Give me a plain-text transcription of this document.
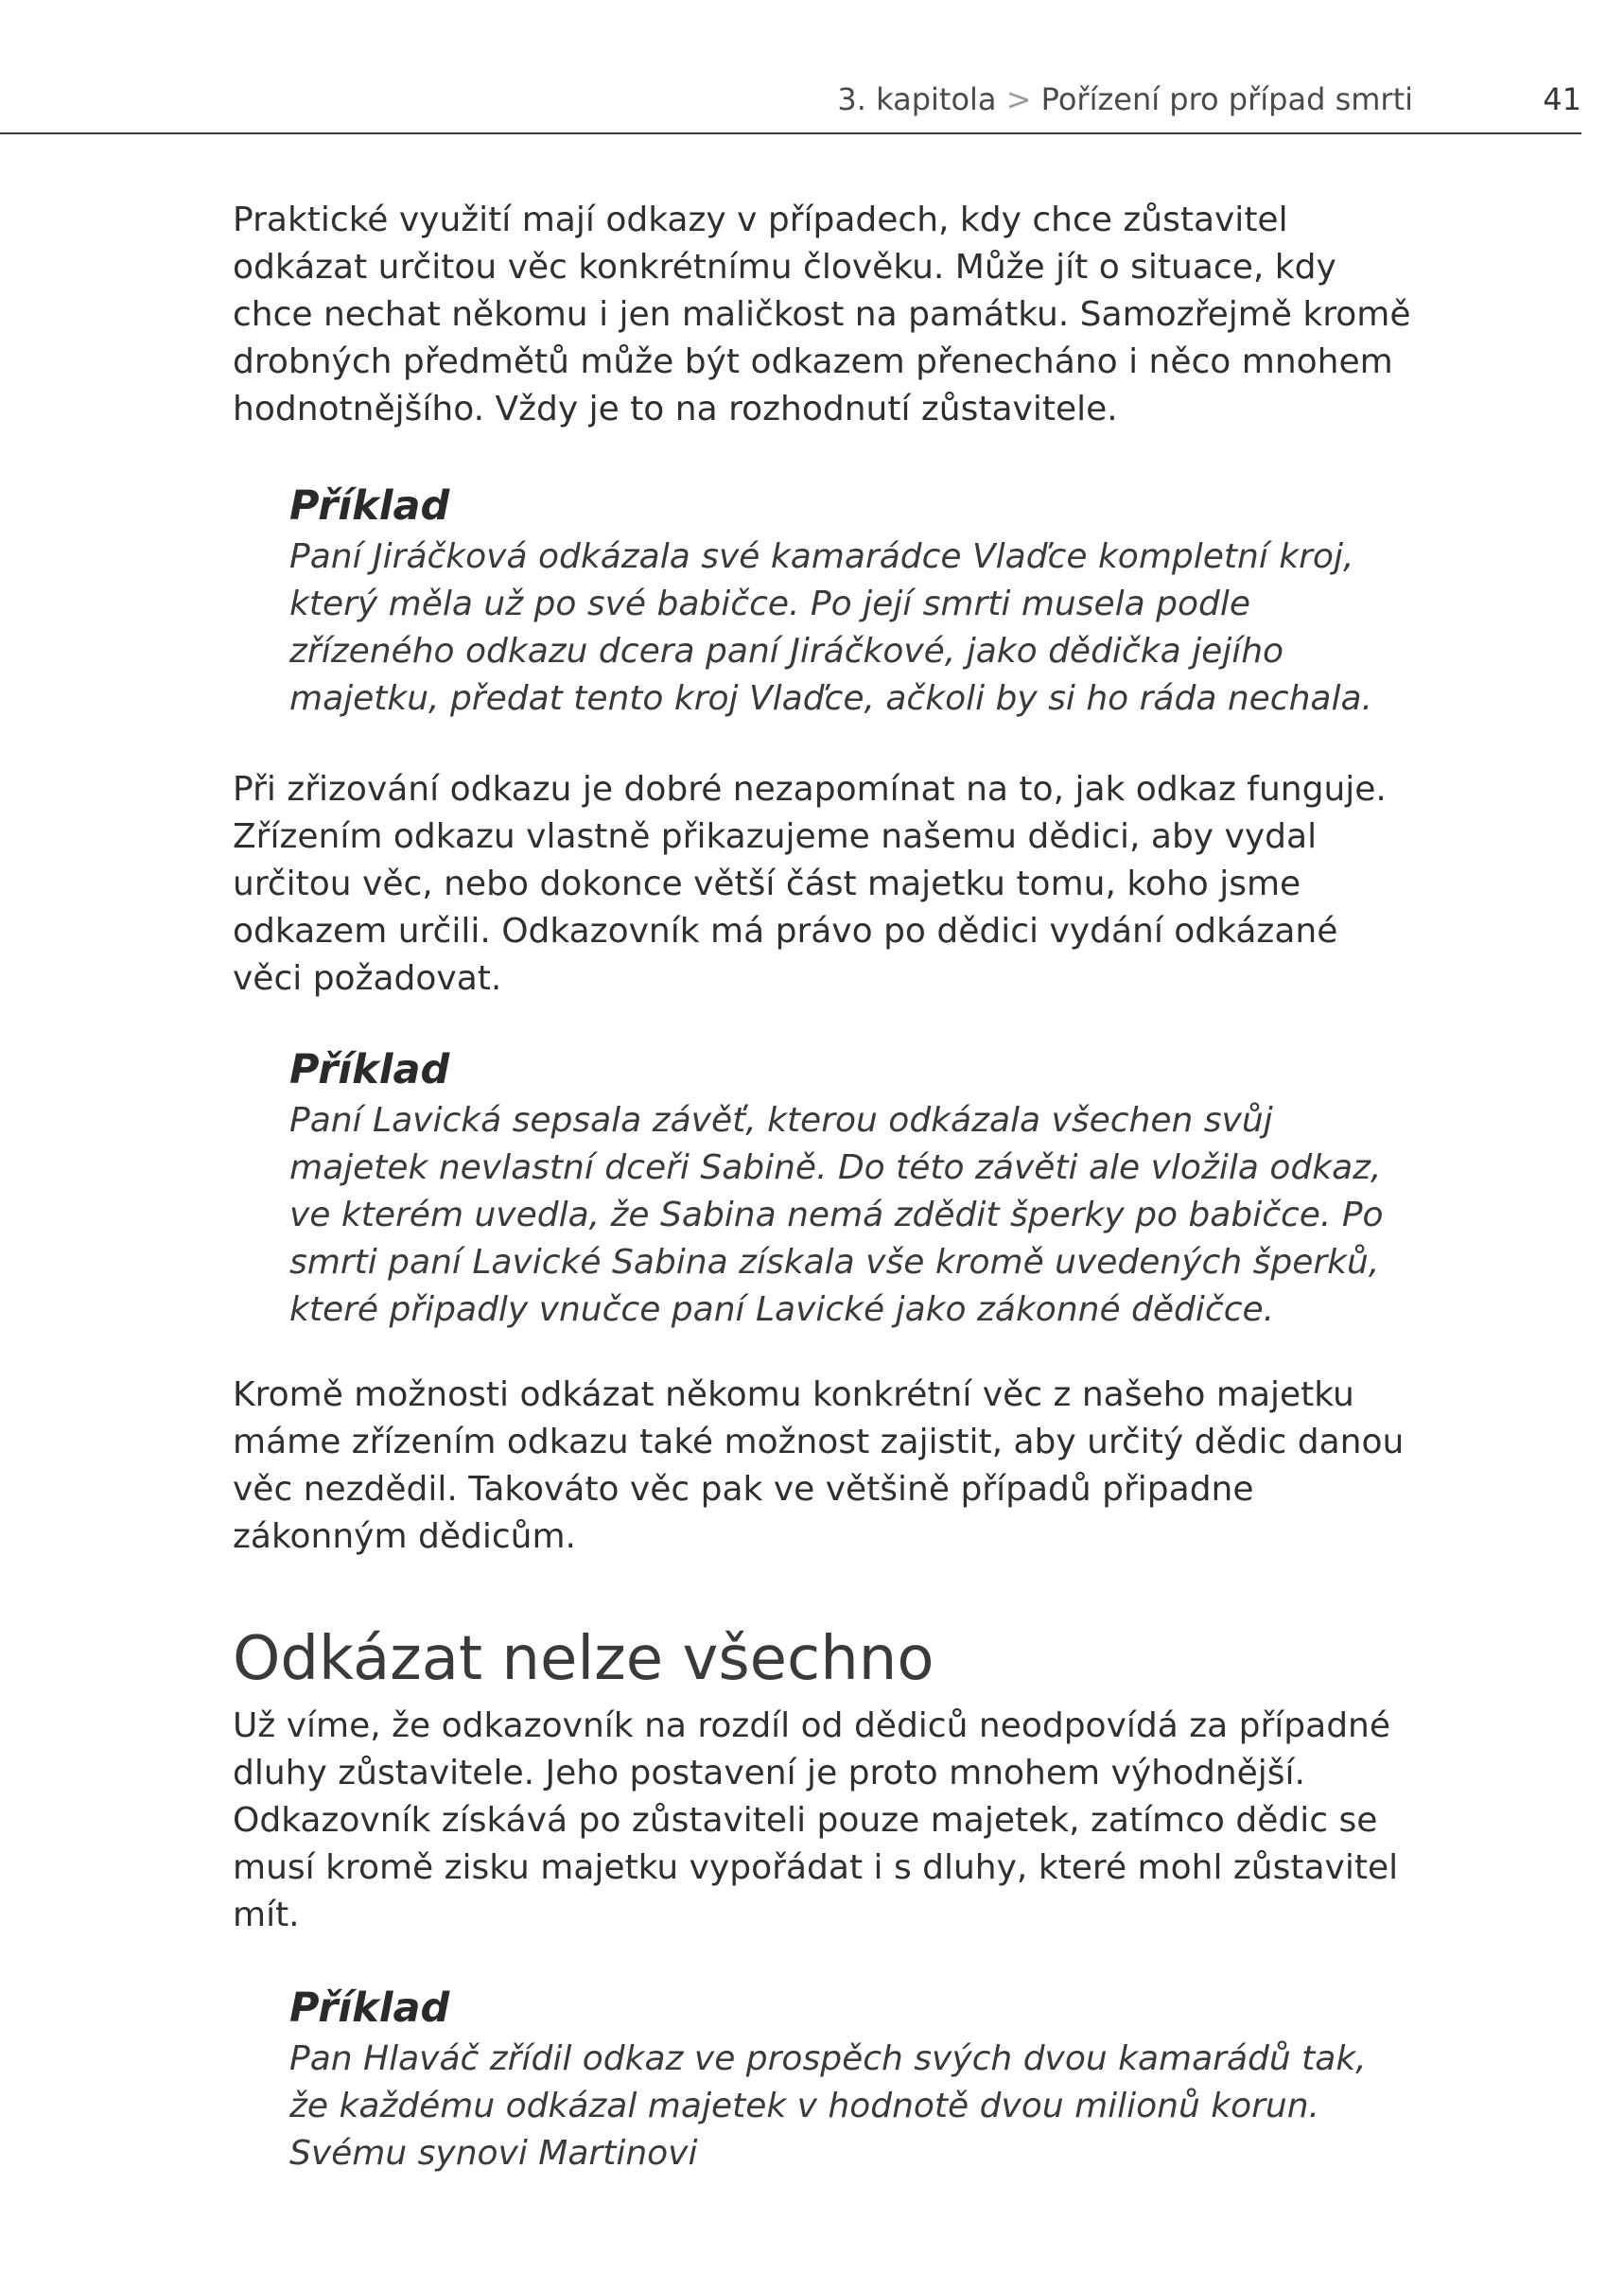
3. kapitola > Pořízení pro případ smrti	41

Praktické využití mají odkazy v případech, kdy chce zůstavitel odkázat určitou věc konkrétnímu člověku. Může jít o situace, kdy chce nechat někomu i jen maličkost na památku. Samozřejmě kromě drobných předmětů může být odkazem přenecháno i něco mnohem hodnotnějšího. Vždy je to na rozhodnutí zůstavitele.

Příklad

Paní Jiráčková odkázala své kamarádce Vlaďce kompletní kroj, který měla už po své babičce. Po její smrti musela podle zřízeného odkazu dcera paní Jiráčkové, jako dědička jejího majetku, předat tento kroj Vlaďce, ačkoli by si ho ráda nechala.

Při zřizování odkazu je dobré nezapomínat na to, jak odkaz funguje. Zřízením odkazu vlastně přikazujeme našemu dědici, aby vydal určitou věc, nebo dokonce větší část majetku tomu, koho jsme odkazem určili. Odkazovník má právo po dědici vydání odkázané věci požadovat.

Příklad

Paní Lavická sepsala závěť, kterou odkázala všechen svůj majetek nevlastní dceři Sabině. Do této závěti ale vložila odkaz, ve kterém uvedla, že Sabina nemá zdědit šperky po babičce. Po smrti paní Lavické Sabina získala vše kromě uvedených šperků, které připadly vnučce paní Lavické jako zákonné dědičce.

Kromě možnosti odkázat někomu konkrétní věc z našeho majetku máme zřízením odkazu také možnost zajistit, aby určitý dědic danou věc nezdědil. Takováto věc pak ve většině případů připadne zákonným dědicům.

Odkázat nelze všechno

Už víme, že odkazovník na rozdíl od dědiců neodpovídá za případné dluhy zůstavitele. Jeho postavení je proto mnohem výhodnější. Odkazovník získává po zůstaviteli pouze majetek, zatímco dědic se musí kromě zisku majetku vypořádat i s dluhy, které mohl zůstavitel mít.

Příklad

Pan Hlaváč zřídil odkaz ve prospěch svých dvou kamarádů tak, že každému odkázal majetek v hodnotě dvou milionů korun. Svému synovi Martinovi
